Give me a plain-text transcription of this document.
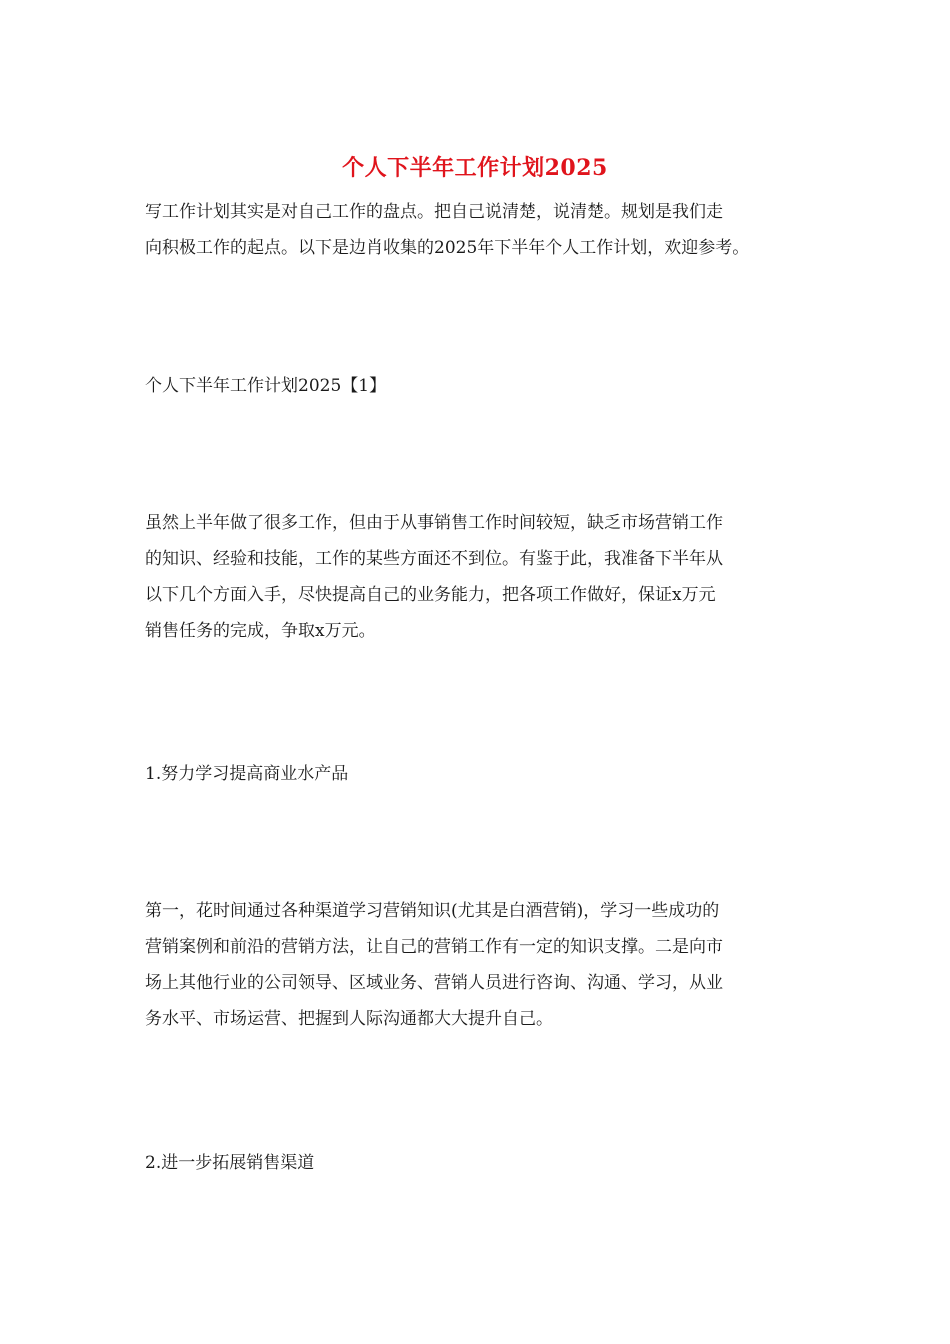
个人下半年工作计划2025
写工作计划其实是对自己工作的盘点。把自己说清楚，说清楚。规划是我们走
向积极工作的起点。以下是边肖收集的2025年下半年个人工作计划，欢迎参考。
个人下半年工作计划2025【1】
虽然上半年做了很多工作，但由于从事销售工作时间较短，缺乏市场营销工作
的知识、经验和技能，工作的某些方面还不到位。有鉴于此，我准备下半年从
以下几个方面入手，尽快提高自己的业务能力，把各项工作做好，保证x万元
销售任务的完成，争取x万元。
1.努力学习提高商业水产品
第一，花时间通过各种渠道学习营销知识(尤其是白酒营销)，学习一些成功的
营销案例和前沿的营销方法，让自己的营销工作有一定的知识支撑。二是向市
场上其他行业的公司领导、区域业务、营销人员进行咨询、沟通、学习，从业
务水平、市场运营、把握到人际沟通都大大提升自己。
2.进一步拓展销售渠道
